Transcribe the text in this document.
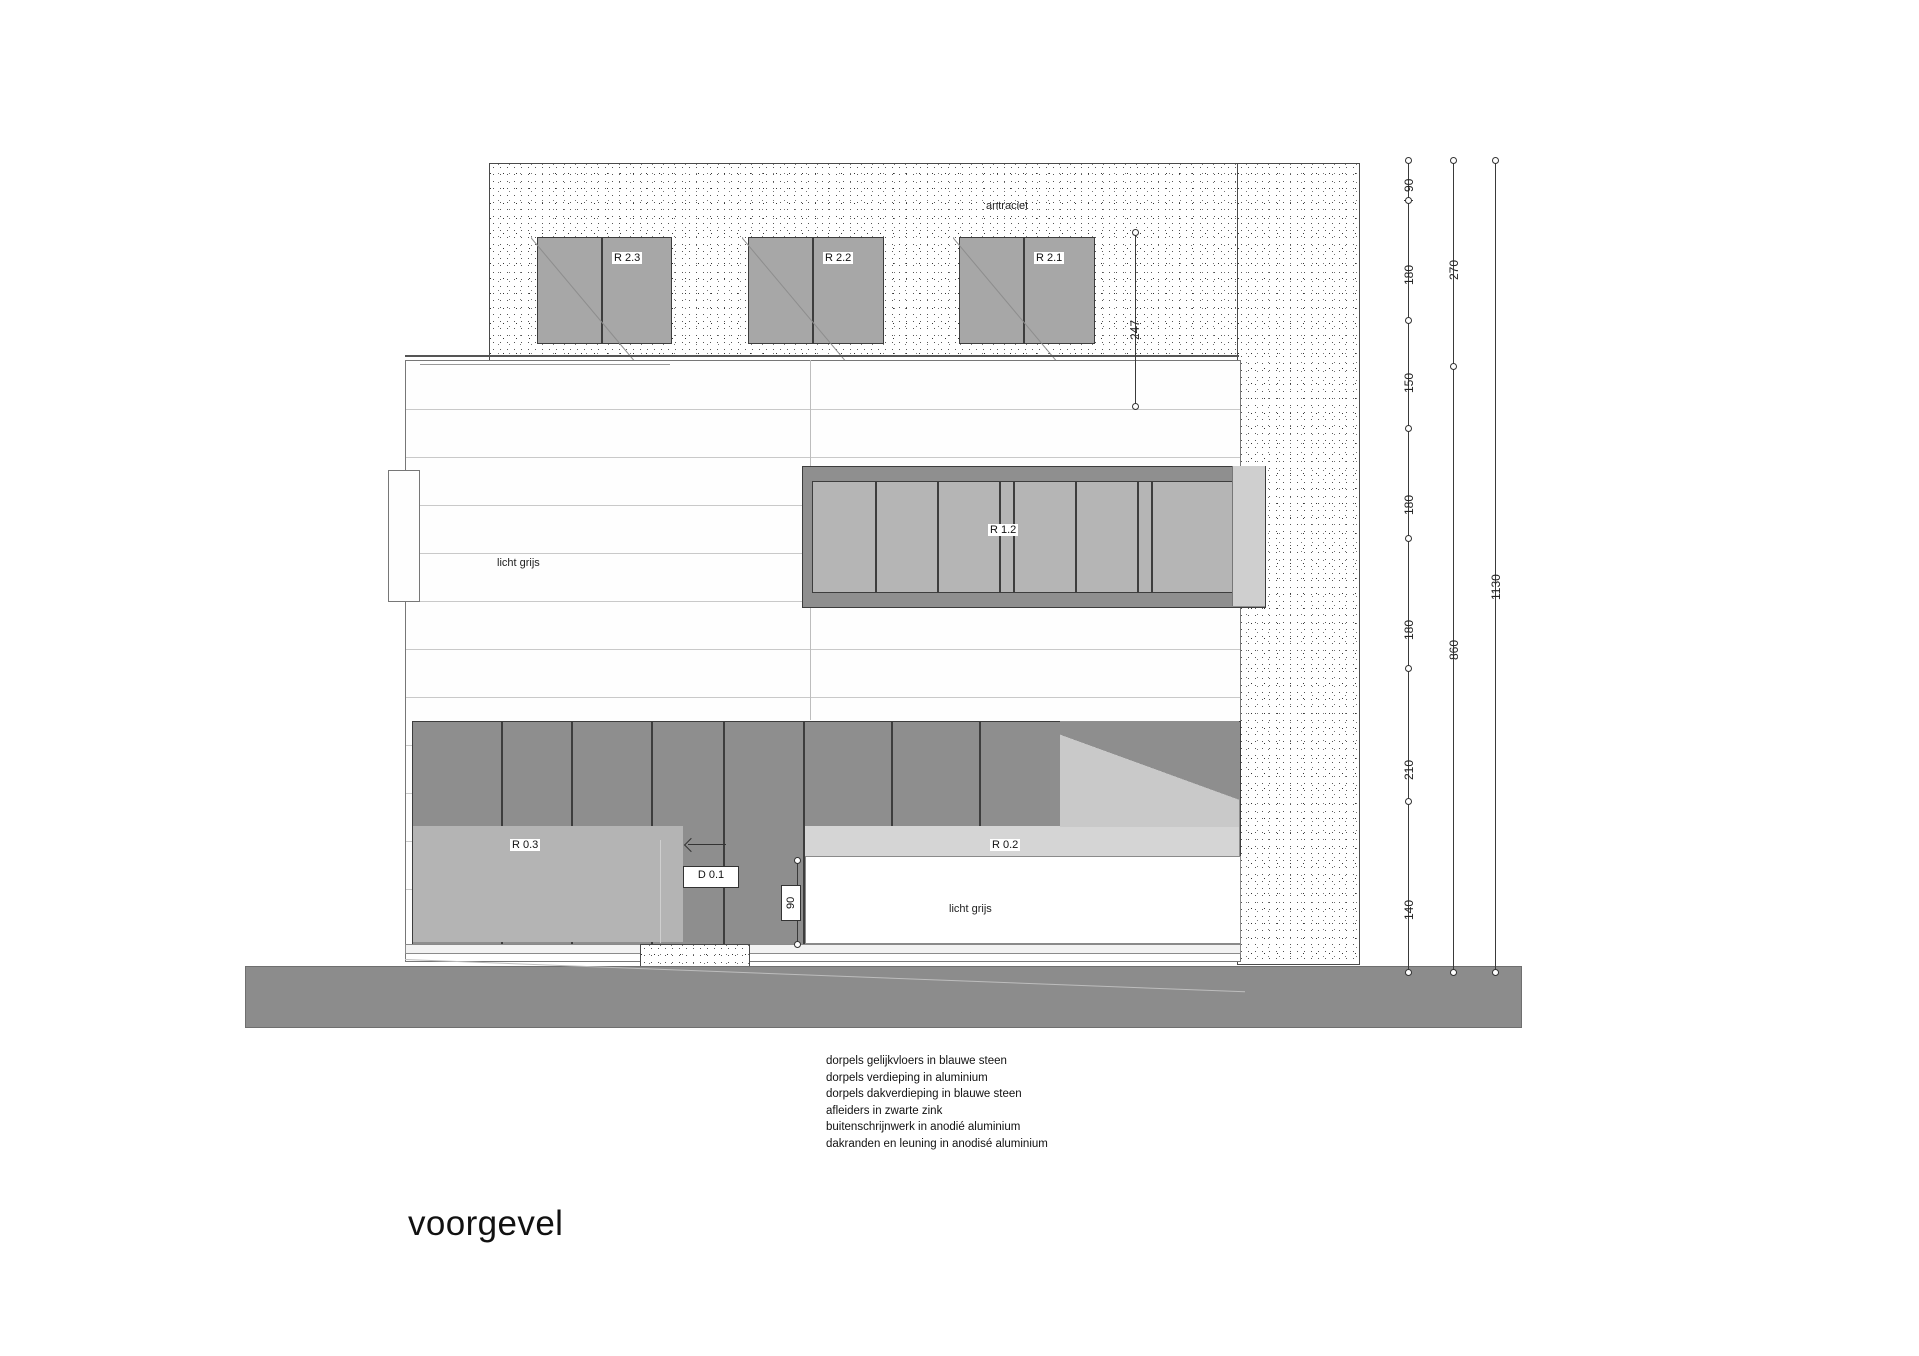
antraciet
R 2.3	R 2.2	R 2.1
licht grijs
R 1.2
licht grijs
R 0.3	R 0.2
D 0.1
247
90
90
180
150
180
180
210
140
270
860
1130
dorpels gelijkvloers in blauwe steen
dorpels verdieping in aluminium
dorpels dakverdieping in blauwe steen
afleiders in zwarte zink
buitenschrijnwerk in anodié aluminium
dakranden en leuning in anodisé aluminium
voorgevel
